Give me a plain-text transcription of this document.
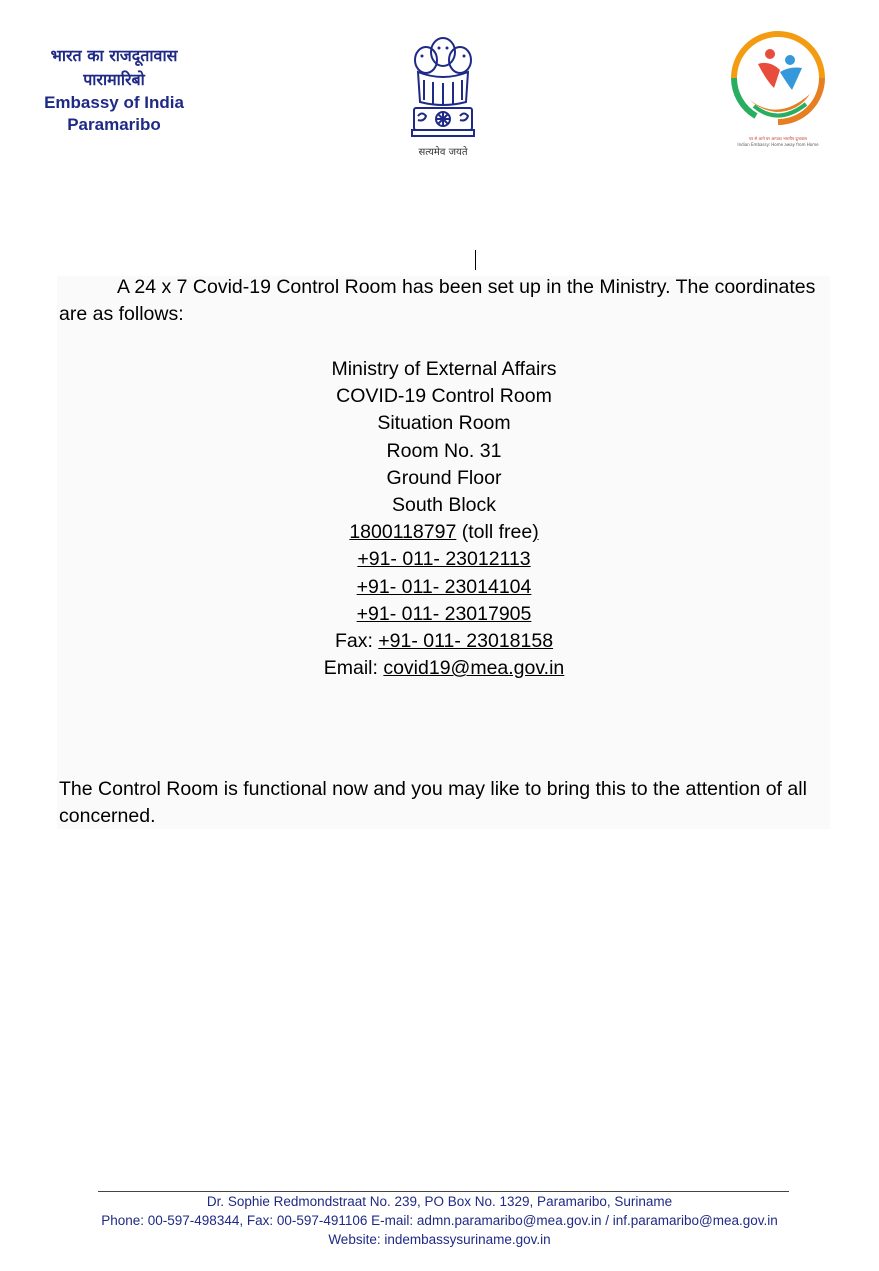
भारत का राजदूतावास
पारामारिबो
Embassy of India
Paramaribo
सत्यमेव जयते
घर से आगे घर आपका भारतीय दूतावास
Indian Embassy: Home away from Home
A 24 x 7 Covid-19 Control Room has been set up in the Ministry. The coordinates are as follows:
Ministry of External Affairs
COVID-19 Control Room
Situation Room
Room No. 31
Ground Floor
South Block
1800118797 (toll free)
+91- 011- 23012113
+91- 011- 23014104
+91- 011- 23017905
Fax: +91- 011- 23018158
Email: covid19@mea.gov.in
The Control Room is functional now and you may like to bring this to the attention of all concerned.
Dr. Sophie Redmondstraat No. 239, PO Box No. 1329, Paramaribo, Suriname
Phone: 00-597-498344, Fax: 00-597-491106 E-mail: admn.paramaribo@mea.gov.in / inf.paramaribo@mea.gov.in
Website: indembassysuriname.gov.in
